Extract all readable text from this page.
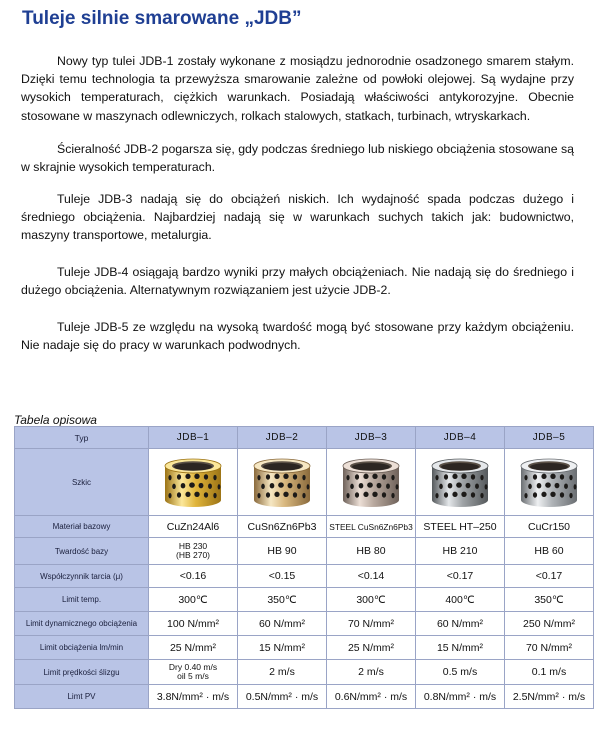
Tuleje silnie smarowane „JDB”

Nowy typ tulei JDB-1 zostały wykonane z mosiądzu jednorodnie osadzonego smarem stałym. Dzięki temu technologia ta przewyższa smarowanie zależne od powłoki olejowej. Są wydajne przy wysokich temperaturach, ciężkich warunkach. Posiadają właściwości antykorozyjne. Obecnie stosowane w maszynach odlewniczych, rolkach stalowych, statkach, turbinach, wtryskarkach.

Ścieralność JDB-2 pogarsza się, gdy podczas średniego lub niskiego obciążenia stosowane są w skrajnie wysokich temperaturach.

Tuleje JDB-3 nadają się do obciążeń niskich. Ich wydajność spada podczas dużego i średniego obciążenia. Najbardziej nadają się w warunkach suchych takich jak: budownictwo, maszyny transportowe, metalurgia.

Tuleje JDB-4 osiągają bardzo wyniki przy małych obciążeniach. Nie nadają się do średniego i dużego obciążenia. Alternatywnym rozwiązaniem jest użycie JDB-2.

Tuleje JDB-5 ze względu na wysoką twardość mogą być stosowane przy każdym obciążeniu. Nie nadaje się do pracy w warunkach podwodnych.

Tabela opisowa
Typ	JDB–1	JDB–2	JDB–3	JDB–4	JDB–5
Szkic	

Materiał bazowy	CuZn24Al6	CuSn6Zn6Pb3	STEEL CuSn6Zn6Pb3	STEEL HT–250	CuCr150
Twardość bazy	HB 230
(HB 270)	HB 90	HB 80	HB 210	HB 60
Współczynnik tarcia (μ)	<0.16	<0.15	<0.14	<0.17	<0.17
Limit temp.	300℃	350℃	300℃	400℃	350℃
Limit dynamicznego obciążenia	100 N/mm²	60 N/mm²	70 N/mm²	60 N/mm²	250 N/mm²
Limit obciążenia lm/min	25 N/mm²	15 N/mm²	25 N/mm²	15 N/mm²	70 N/mm²
Limit prędkości ślizgu	Dry 0.40 m/s
oil 5 m/s	2 m/s	2 m/s	0.5 m/s	0.1 m/s
Limt PV	3.8N/mm² · m/s	0.5N/mm² · m/s	0.6N/mm² · m/s	0.8N/mm² · m/s	2.5N/mm² · m/s
